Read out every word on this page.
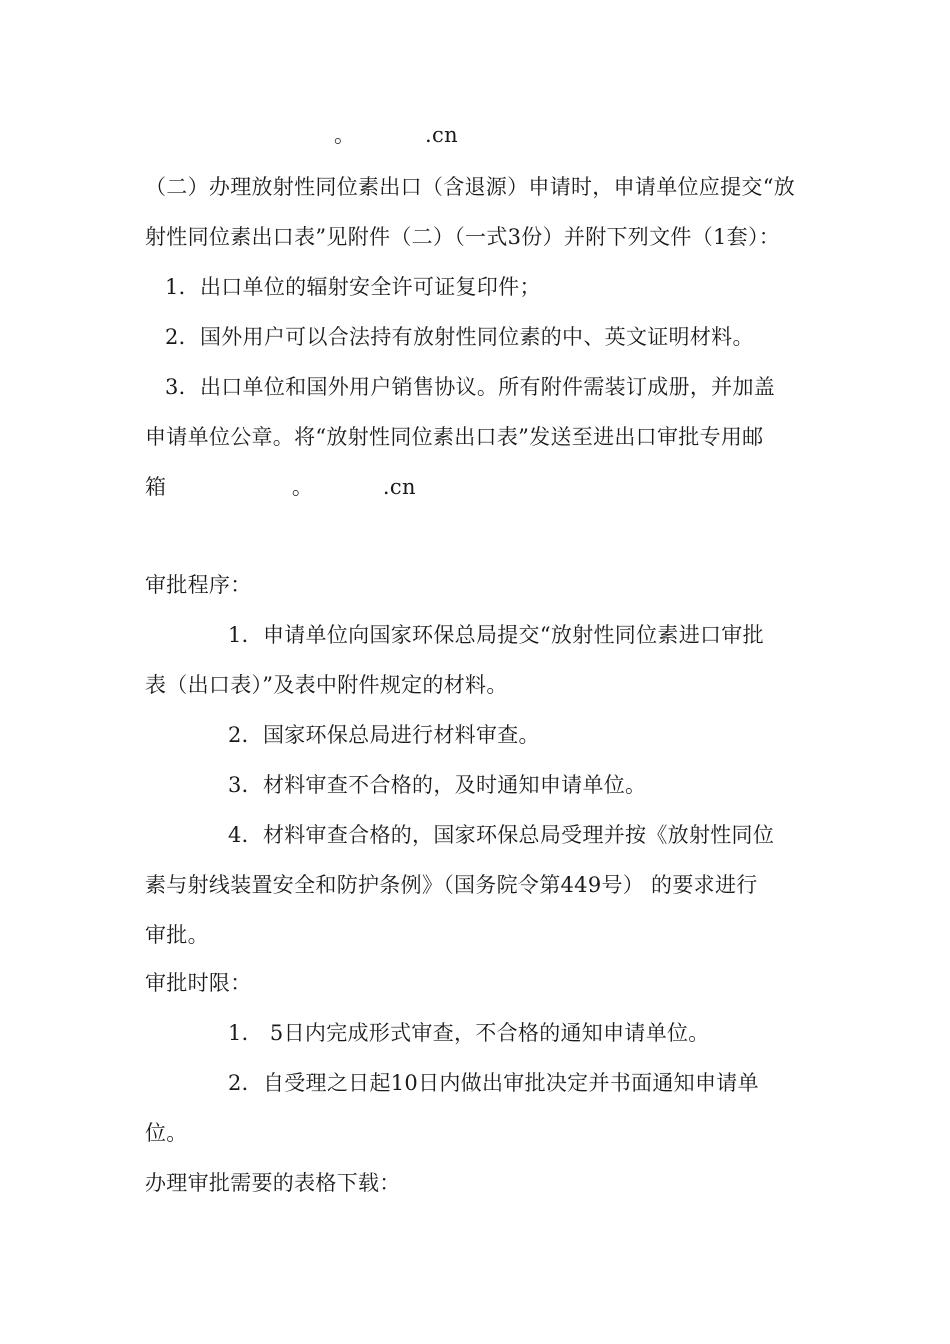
。          .cn
（二）办理放射性同位素出口（含退源）申请时，申请单位应提交“放
射性同位素出口表”见附件（二）（一式3份）并附下列文件（1套）：
1．出口单位的辐射安全许可证复印件；
2．国外用户可以合法持有放射性同位素的中、英文证明材料。
3．出口单位和国外用户销售协议。所有附件需装订成册，并加盖
申请单位公章。将“放射性同位素出口表”发送至进出口审批专用邮
箱                  。          .cn
审批程序：
1．申请单位向国家环保总局提交“放射性同位素进口审批
表（出口表）”及表中附件规定的材料。
2．国家环保总局进行材料审查。
3．材料审查不合格的，及时通知申请单位。
4．材料审查合格的，国家环保总局受理并按《放射性同位
素与射线装置安全和防护条例》（国务院令第449号） 的要求进行
审批。
审批时限：
1． 5日内完成形式审查，不合格的通知申请单位。
2．自受理之日起10日内做出审批决定并书面通知申请单
位。
办理审批需要的表格下载：
